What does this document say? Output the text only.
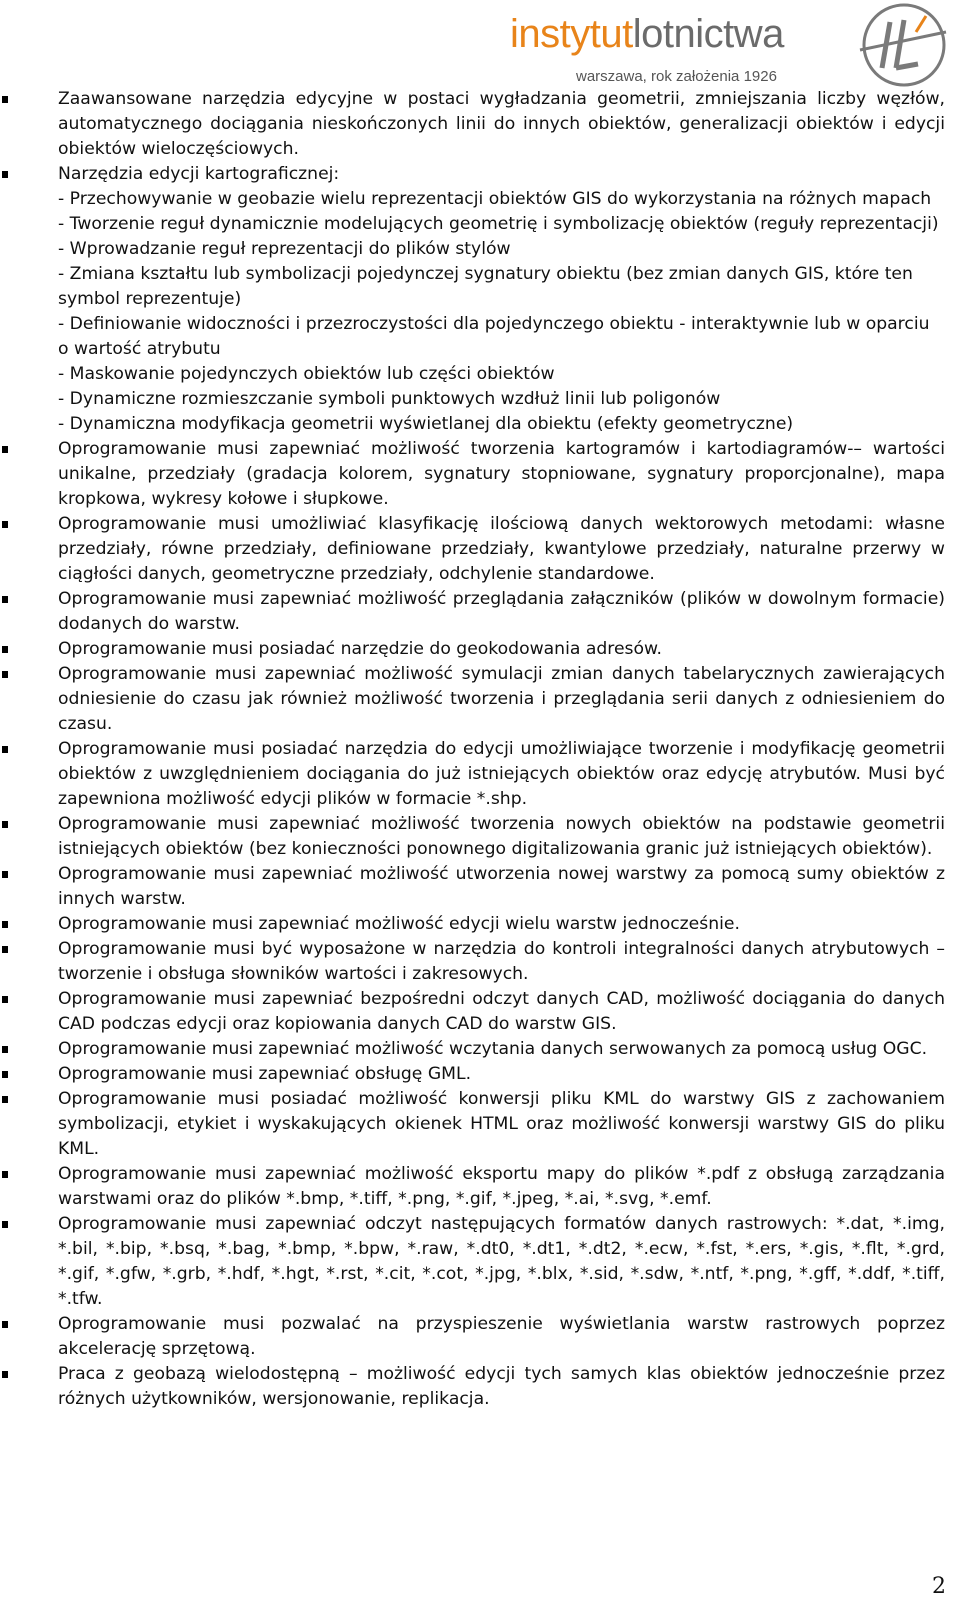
instytutlotnictwa
warszawa, rok założenia 1926
Zaawansowane narzędzia edycyjne w postaci wygładzania geometrii, zmniejszania liczby węzłów, automatycznego dociągania nieskończonych linii do innych obiektów, generalizacji obiektów i edycji obiektów wieloczęściowych.
Narzędzia edycji kartograficznej:
- Przechowywanie w geobazie wielu reprezentacji obiektów GIS do wykorzystania na różnych mapach
- Tworzenie reguł dynamicznie modelujących geometrię i symbolizację obiektów (reguły reprezentacji)
- Wprowadzanie reguł reprezentacji do plików stylów
- Zmiana kształtu lub symbolizacji pojedynczej sygnatury obiektu (bez zmian danych GIS, które ten symbol reprezentuje)
- Definiowanie widoczności i przezroczystości dla pojedynczego obiektu - interaktywnie lub w oparciu o wartość atrybutu
- Maskowanie pojedynczych obiektów lub części obiektów
- Dynamiczne rozmieszczanie symboli punktowych wzdłuż linii lub poligonów
- Dynamiczna modyfikacja geometrii wyświetlanej dla obiektu (efekty geometryczne)
Oprogramowanie musi zapewniać możliwość tworzenia kartogramów i kartodiagramów-– wartości unikalne, przedziały (gradacja kolorem, sygnatury stopniowane, sygnatury proporcjonalne), mapa kropkowa, wykresy kołowe i słupkowe.
Oprogramowanie musi umożliwiać klasyfikację ilościową danych wektorowych metodami: własne przedziały, równe przedziały, definiowane przedziały, kwantylowe przedziały, naturalne przerwy w ciągłości danych, geometryczne przedziały, odchylenie standardowe.
Oprogramowanie musi zapewniać możliwość przeglądania załączników (plików w dowolnym formacie) dodanych do warstw.
Oprogramowanie musi posiadać narzędzie do geokodowania adresów.
Oprogramowanie musi zapewniać możliwość symulacji zmian danych tabelarycznych zawierających odniesienie do czasu jak również możliwość tworzenia i przeglądania serii danych z odniesieniem do czasu.
Oprogramowanie musi posiadać narzędzia do edycji umożliwiające tworzenie i modyfikację geometrii obiektów z uwzględnieniem dociągania do już istniejących obiektów oraz edycję atrybutów. Musi być zapewniona możliwość edycji plików w formacie *.shp.
Oprogramowanie musi zapewniać możliwość tworzenia nowych obiektów na podstawie geometrii istniejących obiektów (bez konieczności ponownego digitalizowania granic już istniejących obiektów).
Oprogramowanie musi zapewniać możliwość utworzenia nowej warstwy za pomocą sumy obiektów z innych warstw.
Oprogramowanie musi zapewniać możliwość edycji wielu warstw jednocześnie.
Oprogramowanie musi być wyposażone w narzędzia do kontroli integralności danych atrybutowych –tworzenie i obsługa słowników wartości i zakresowych.
Oprogramowanie musi zapewniać bezpośredni odczyt danych CAD, możliwość dociągania do danych CAD podczas edycji oraz kopiowania danych CAD do warstw GIS.
Oprogramowanie musi zapewniać możliwość wczytania danych serwowanych za pomocą usług OGC.
Oprogramowanie musi zapewniać obsługę GML.
Oprogramowanie musi posiadać możliwość konwersji pliku KML do warstwy GIS z zachowaniem symbolizacji, etykiet i wyskakujących okienek HTML oraz możliwość konwersji warstwy GIS do pliku KML.
Oprogramowanie musi zapewniać możliwość eksportu mapy do plików *.pdf z obsługą zarządzania warstwami oraz do plików *.bmp, *.tiff, *.png, *.gif, *.jpeg, *.ai, *.svg, *.emf.
Oprogramowanie musi zapewniać odczyt następujących formatów danych rastrowych: *.dat, *.img, *.bil, *.bip, *.bsq, *.bag, *.bmp, *.bpw, *.raw, *.dt0, *.dt1, *.dt2, *.ecw, *.fst, *.ers, *.gis, *.flt, *.grd, *.gif, *.gfw, *.grb, *.hdf, *.hgt, *.rst, *.cit, *.cot, *.jpg, *.blx, *.sid, *.sdw, *.ntf, *.png, *.gff, *.ddf, *.tiff, *.tfw.
Oprogramowanie musi pozwalać na przyspieszenie wyświetlania warstw rastrowych poprzez akcelerację sprzętową.
Praca z geobazą wielodostępną – możliwość edycji tych samych klas obiektów jednocześnie przez różnych użytkowników, wersjonowanie, replikacja.
2
